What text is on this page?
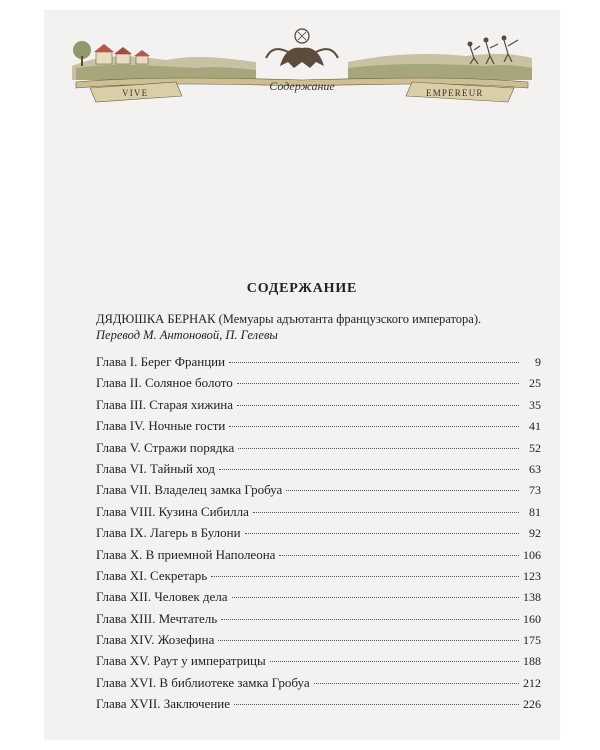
VIVE	EMPEREUR
Содержание
СОДЕРЖАНИЕ
ДЯДЮШКА БЕРНАК (Мемуары адъютанта французского императора). Перевод М. Антоновой, П. Гелевы
Глава I. Берег Франции	9
Глава II. Соляное болото	25
Глава III. Старая хижина	35
Глава IV. Ночные гости	41
Глава V. Стражи порядка	52
Глава VI. Тайный ход	63
Глава VII. Владелец замка Гробуа	73
Глава VIII. Кузина Сибилла	81
Глава IX. Лагерь в Булони	92
Глава X. В приемной Наполеона	106
Глава XI. Секретарь	123
Глава XII. Человек дела	138
Глава XIII. Мечтатель	160
Глава XIV. Жозефина	175
Глава XV. Раут у императрицы	188
Глава XVI. В библиотеке замка Гробуа	212
Глава XVII. Заключение	226
